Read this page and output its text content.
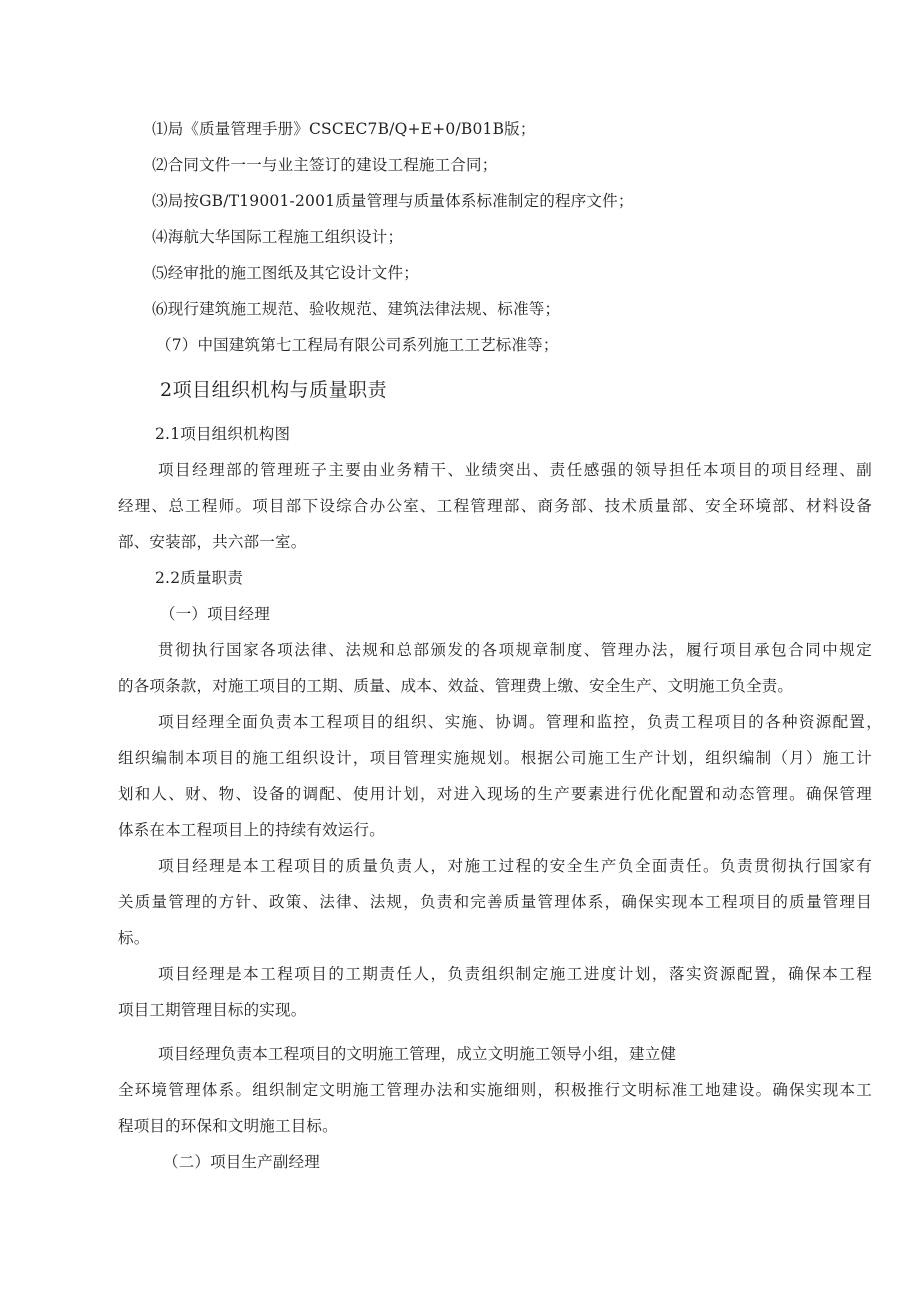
⑴局《质量管理手册》CSCEC7B/Q+E+0/B01B版；
⑵合同文件一一与业主签订的建设工程施工合同；
⑶局按GB/T19001-2001质量管理与质量体系标准制定的程序文件；
⑷海航大华国际工程施工组织设计；
⑸经审批的施工图纸及其它设计文件；
⑹现行建筑施工规范、验收规范、建筑法律法规、标准等；
（7）中国建筑第七工程局有限公司系列施工工艺标准等；
2项目组织机构与质量职责
2.1项目组织机构图
项目经理部的管理班子主要由业务精干、业绩突出、责任感强的领导担任本项目的项目经理、副
经理、总工程师。项目部下设综合办公室、工程管理部、商务部、技术质量部、安全环境部、材料设备
部、安装部，共六部一室。
2.2质量职责
（一）项目经理
贯彻执行国家各项法律、法规和总部颁发的各项规章制度、管理办法，履行项目承包合同中规定
的各项条款，对施工项目的工期、质量、成本、效益、管理费上缴、安全生产、文明施工负全责。
项目经理全面负责本工程项目的组织、实施、协调。管理和监控，负责工程项目的各种资源配置，
组织编制本项目的施工组织设计，项目管理实施规划。根据公司施工生产计划，组织编制（月）施工计
划和人、财、物、设备的调配、使用计划，对进入现场的生产要素进行优化配置和动态管理。确保管理
体系在本工程项目上的持续有效运行。
项目经理是本工程项目的质量负责人，对施工过程的安全生产负全面责任。负责贯彻执行国家有
关质量管理的方针、政策、法律、法规，负责和完善质量管理体系，确保实现本工程项目的质量管理目
标。
项目经理是本工程项目的工期责任人，负责组织制定施工进度计划，落实资源配置，确保本工程
项目工期管理目标的实现。
项目经理负责本工程项目的文明施工管理，成立文明施工领导小组，建立健
全环境管理体系。组织制定文明施工管理办法和实施细则，积极推行文明标准工地建设。确保实现本工
程项目的环保和文明施工目标。
（二）项目生产副经理
